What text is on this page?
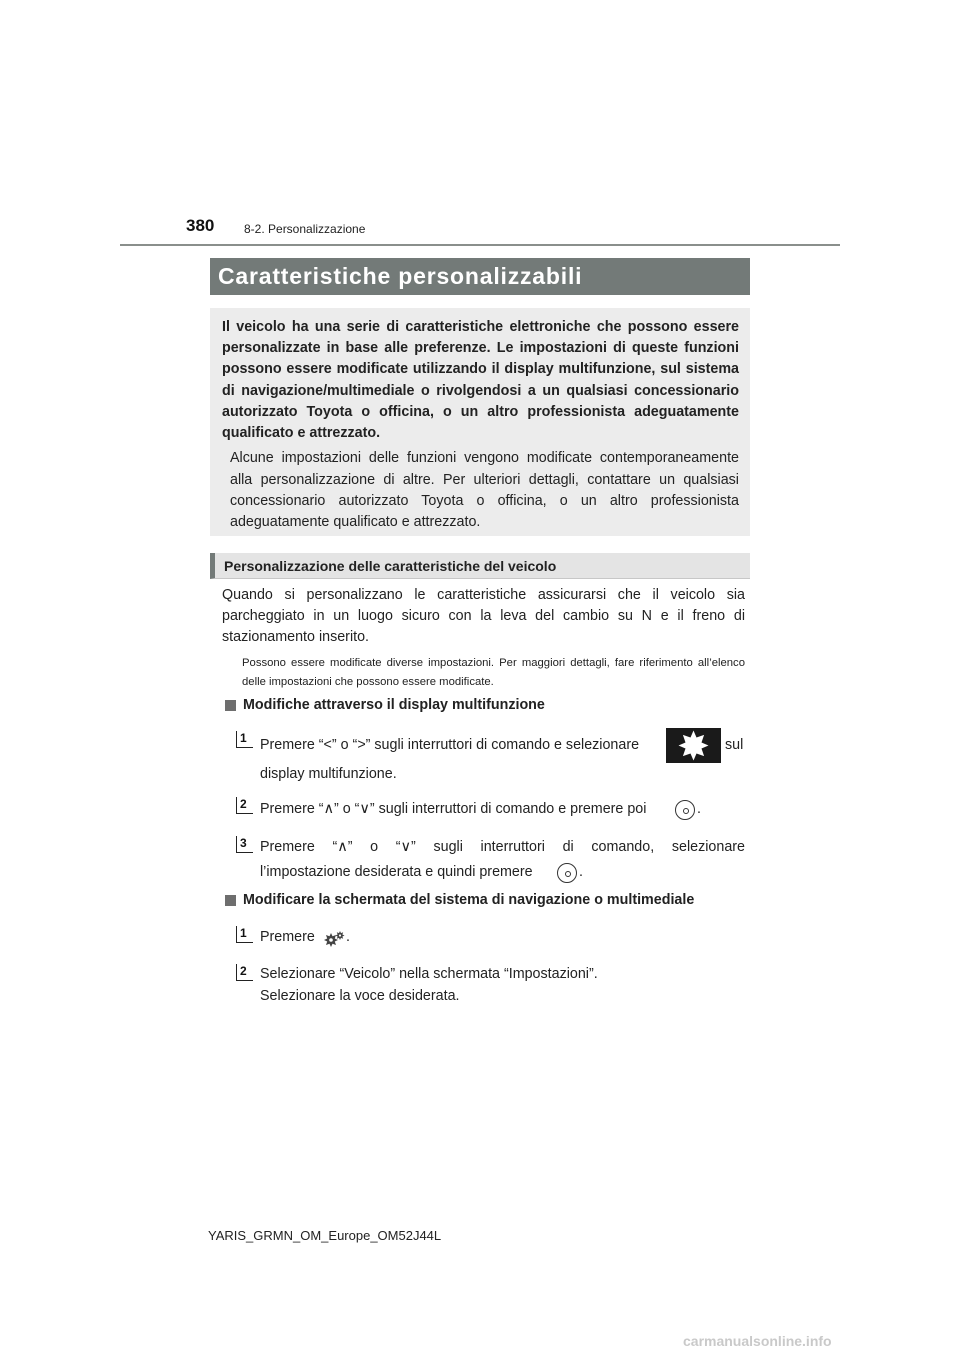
380 8-2. Personalizzazione
Caratteristiche personalizzabili

Il veicolo ha una serie di caratteristiche elettroniche che possono essere personalizzate in base alle preferenze. Le impostazioni di queste funzioni possono essere modificate utilizzando il display multifunzione, sul sistema di navigazione/multimediale o rivolgendosi a un qualsiasi concessionario autorizzato Toyota o officina, o un altro professionista adeguatamente qualificato e attrezzato.

Alcune impostazioni delle funzioni vengono modificate contemporaneamente alla personalizzazione di altre. Per ulteriori dettagli, contattare un qualsiasi concessionario autorizzato Toyota o officina, o un altro professionista adeguatamente qualificato e attrezzato.

Personalizzazione delle caratteristiche del veicolo

Quando si personalizzano le caratteristiche assicurarsi che il veicolo sia parcheggiato in un luogo sicuro con la leva del cambio su N e il freno di stazionamento inserito.

Possono essere modificate diverse impostazioni. Per maggiori dettagli, fare riferimento all’elenco delle impostazioni che possono essere modificate.

Modifiche attraverso il display multifunzione
1 Premere “<” o “>” sugli interruttori di comando e selezionare	sul
display multifunzione.
2 Premere “∧” o “∨” sugli interruttori di comando e premere poi	.
3 Premere “∧” o “∨” sugli interruttori di comando, selezionare
l’impostazione desiderata e quindi premere	.
Modificare la schermata del sistema di navigazione o multimediale
1 Premere .
2 Selezionare “Veicolo” nella schermata “Impostazioni”.
Selezionare la voce desiderata.
YARIS_GRMN_OM_Europe_OM52J44L
carmanualsonline.info
